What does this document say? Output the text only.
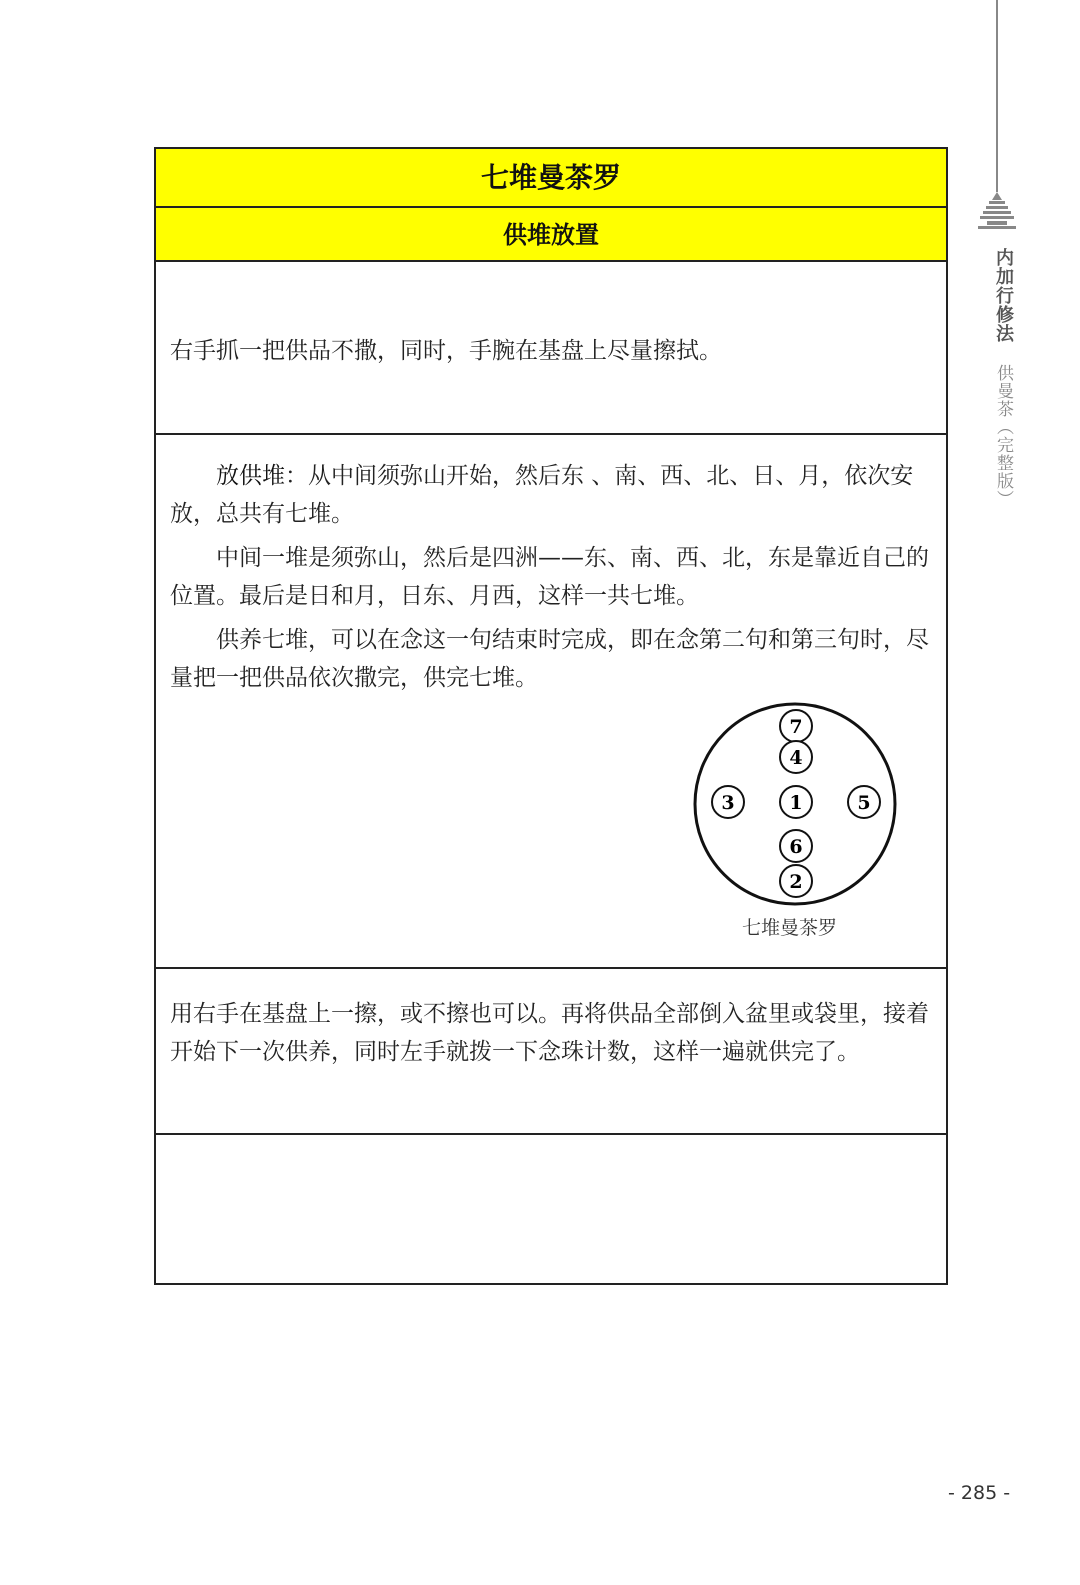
内加行修法
供曼茶（完整版）
七堆曼茶罗
供堆放置

右手抓一把供品不撒，同时，手腕在基盘上尽量擦拭。

放供堆：从中间须弥山开始，然后东 、南、西、北、日、月，依次安放，总共有七堆。

中间一堆是须弥山，然后是四洲——东、南、西、北，东是靠近自己的位置。最后是日和月，日东、月西，这样一共七堆。

供养七堆，可以在念这一句结束时完成，即在念第二句和第三句时，尽量把一把供品依次撒完，供完七堆。

7
4
3	1	5
6
2
七堆曼茶罗
用右手在基盘上一擦，或不擦也可以。再将供品全部倒入盆里或袋里，接着开始下一次供养，同时左手就拨一下念珠计数，这样一遍就供完了。
- 285 -
